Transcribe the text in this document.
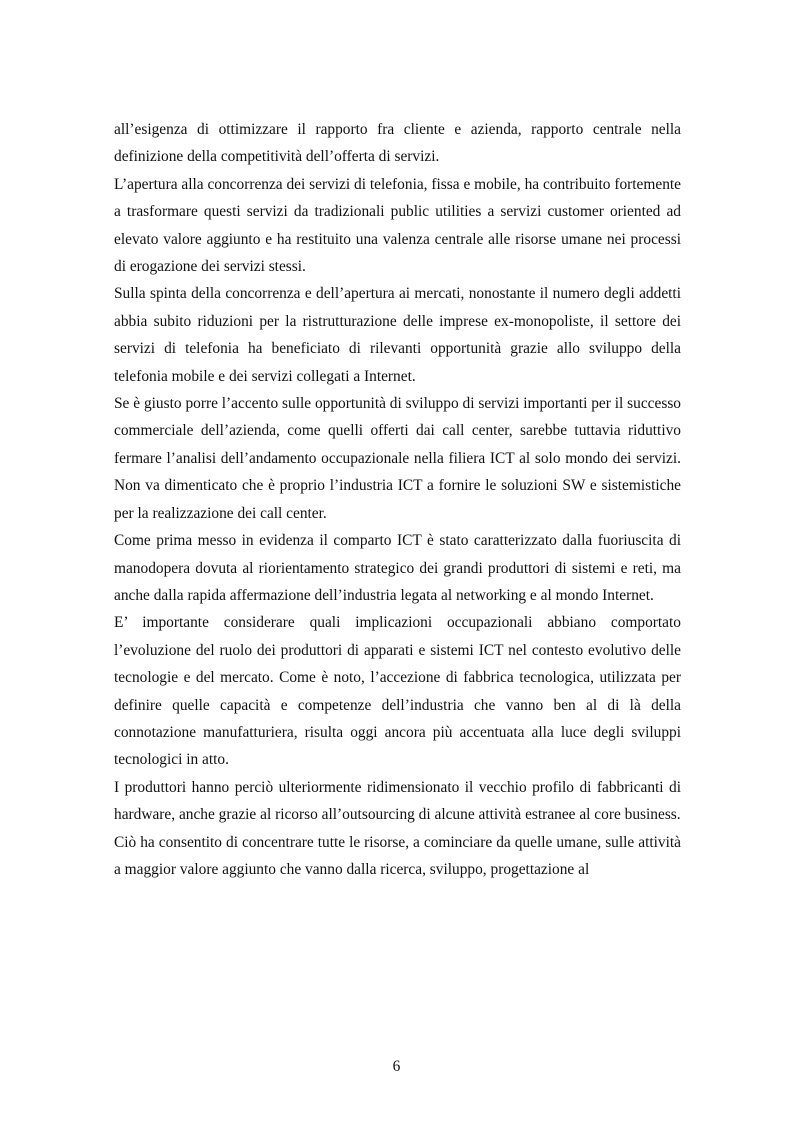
all’esigenza di ottimizzare il rapporto fra cliente e azienda, rapporto centrale nella definizione della competitività dell’offerta di servizi.

L’apertura alla concorrenza dei servizi di telefonia, fissa e mobile, ha contribuito fortemente a trasformare questi servizi da tradizionali public utilities a servizi customer oriented ad elevato valore aggiunto e ha restituito una valenza centrale alle risorse umane nei processi di erogazione dei servizi stessi.

Sulla spinta della concorrenza e dell’apertura ai mercati, nonostante il numero degli addetti abbia subito riduzioni per la ristrutturazione delle imprese ex-monopoliste, il settore dei servizi di telefonia ha beneficiato di rilevanti opportunità grazie allo sviluppo della telefonia mobile e dei servizi collegati a Internet.

Se è giusto porre l’accento sulle opportunità di sviluppo di servizi importanti per il successo commerciale dell’azienda, come quelli offerti dai call center, sarebbe tuttavia riduttivo fermare l’analisi dell’andamento occupazionale nella filiera ICT al solo mondo dei servizi. Non va dimenticato che è proprio l’industria ICT a fornire le soluzioni SW e sistemistiche per la realizzazione dei call center.

Come prima messo in evidenza il comparto ICT è stato caratterizzato dalla fuoriuscita di manodopera dovuta al riorientamento strategico dei grandi produttori di sistemi e reti, ma anche dalla rapida affermazione dell’industria legata al networking e al mondo Internet.

E’ importante considerare quali implicazioni occupazionali abbiano comportato l’evoluzione del ruolo dei produttori di apparati e sistemi ICT nel contesto evolutivo delle tecnologie e del mercato. Come è noto, l’accezione di fabbrica tecnologica, utilizzata per definire quelle capacità e competenze dell’industria che vanno ben al di là della connotazione manufatturiera, risulta oggi ancora più accentuata alla luce degli sviluppi tecnologici in atto.

I produttori hanno perciò ulteriormente ridimensionato il vecchio profilo di fabbricanti di hardware, anche grazie al ricorso all’outsourcing di alcune attività estranee al core business.

Ciò ha consentito di concentrare tutte le risorse, a cominciare da quelle umane, sulle attività a maggior valore aggiunto che vanno dalla ricerca, sviluppo, progettazione al

6
